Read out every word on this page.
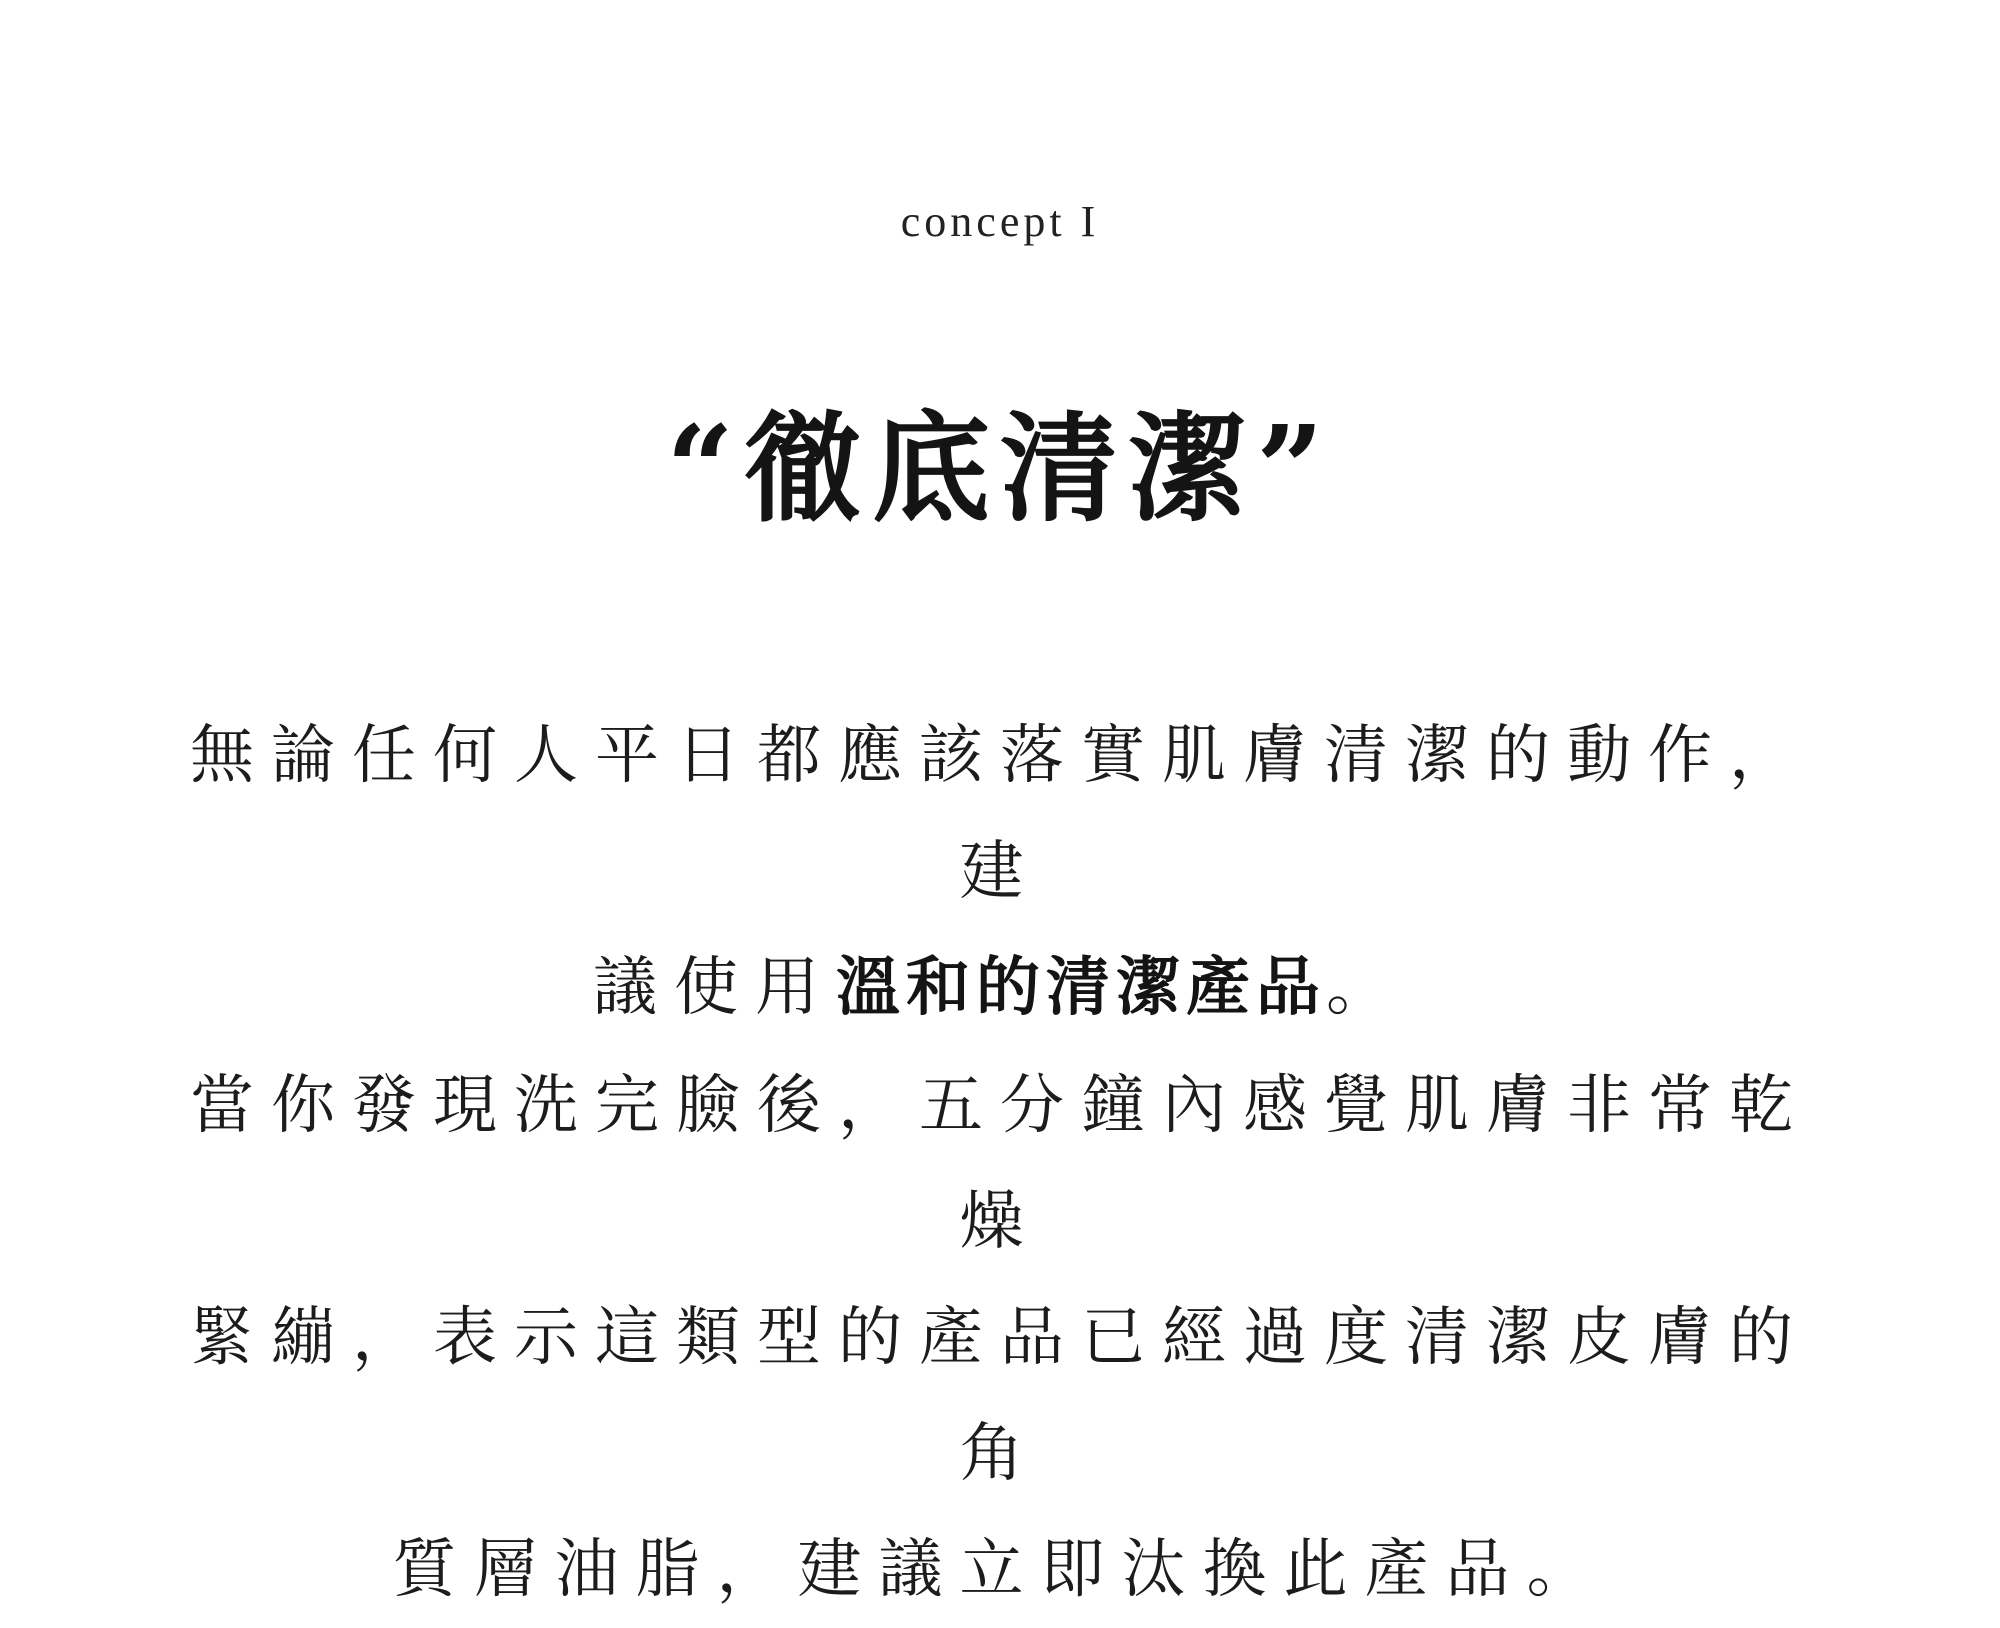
concept I
“徹底清潔”
無論任何人平日都應該落實肌膚清潔的動作，建
議使用溫和的清潔產品。
當你發現洗完臉後，五分鐘內感覺肌膚非常乾燥
緊繃，表示這類型的產品已經過度清潔皮膚的角
質層油脂，建議立即汰換此產品。
